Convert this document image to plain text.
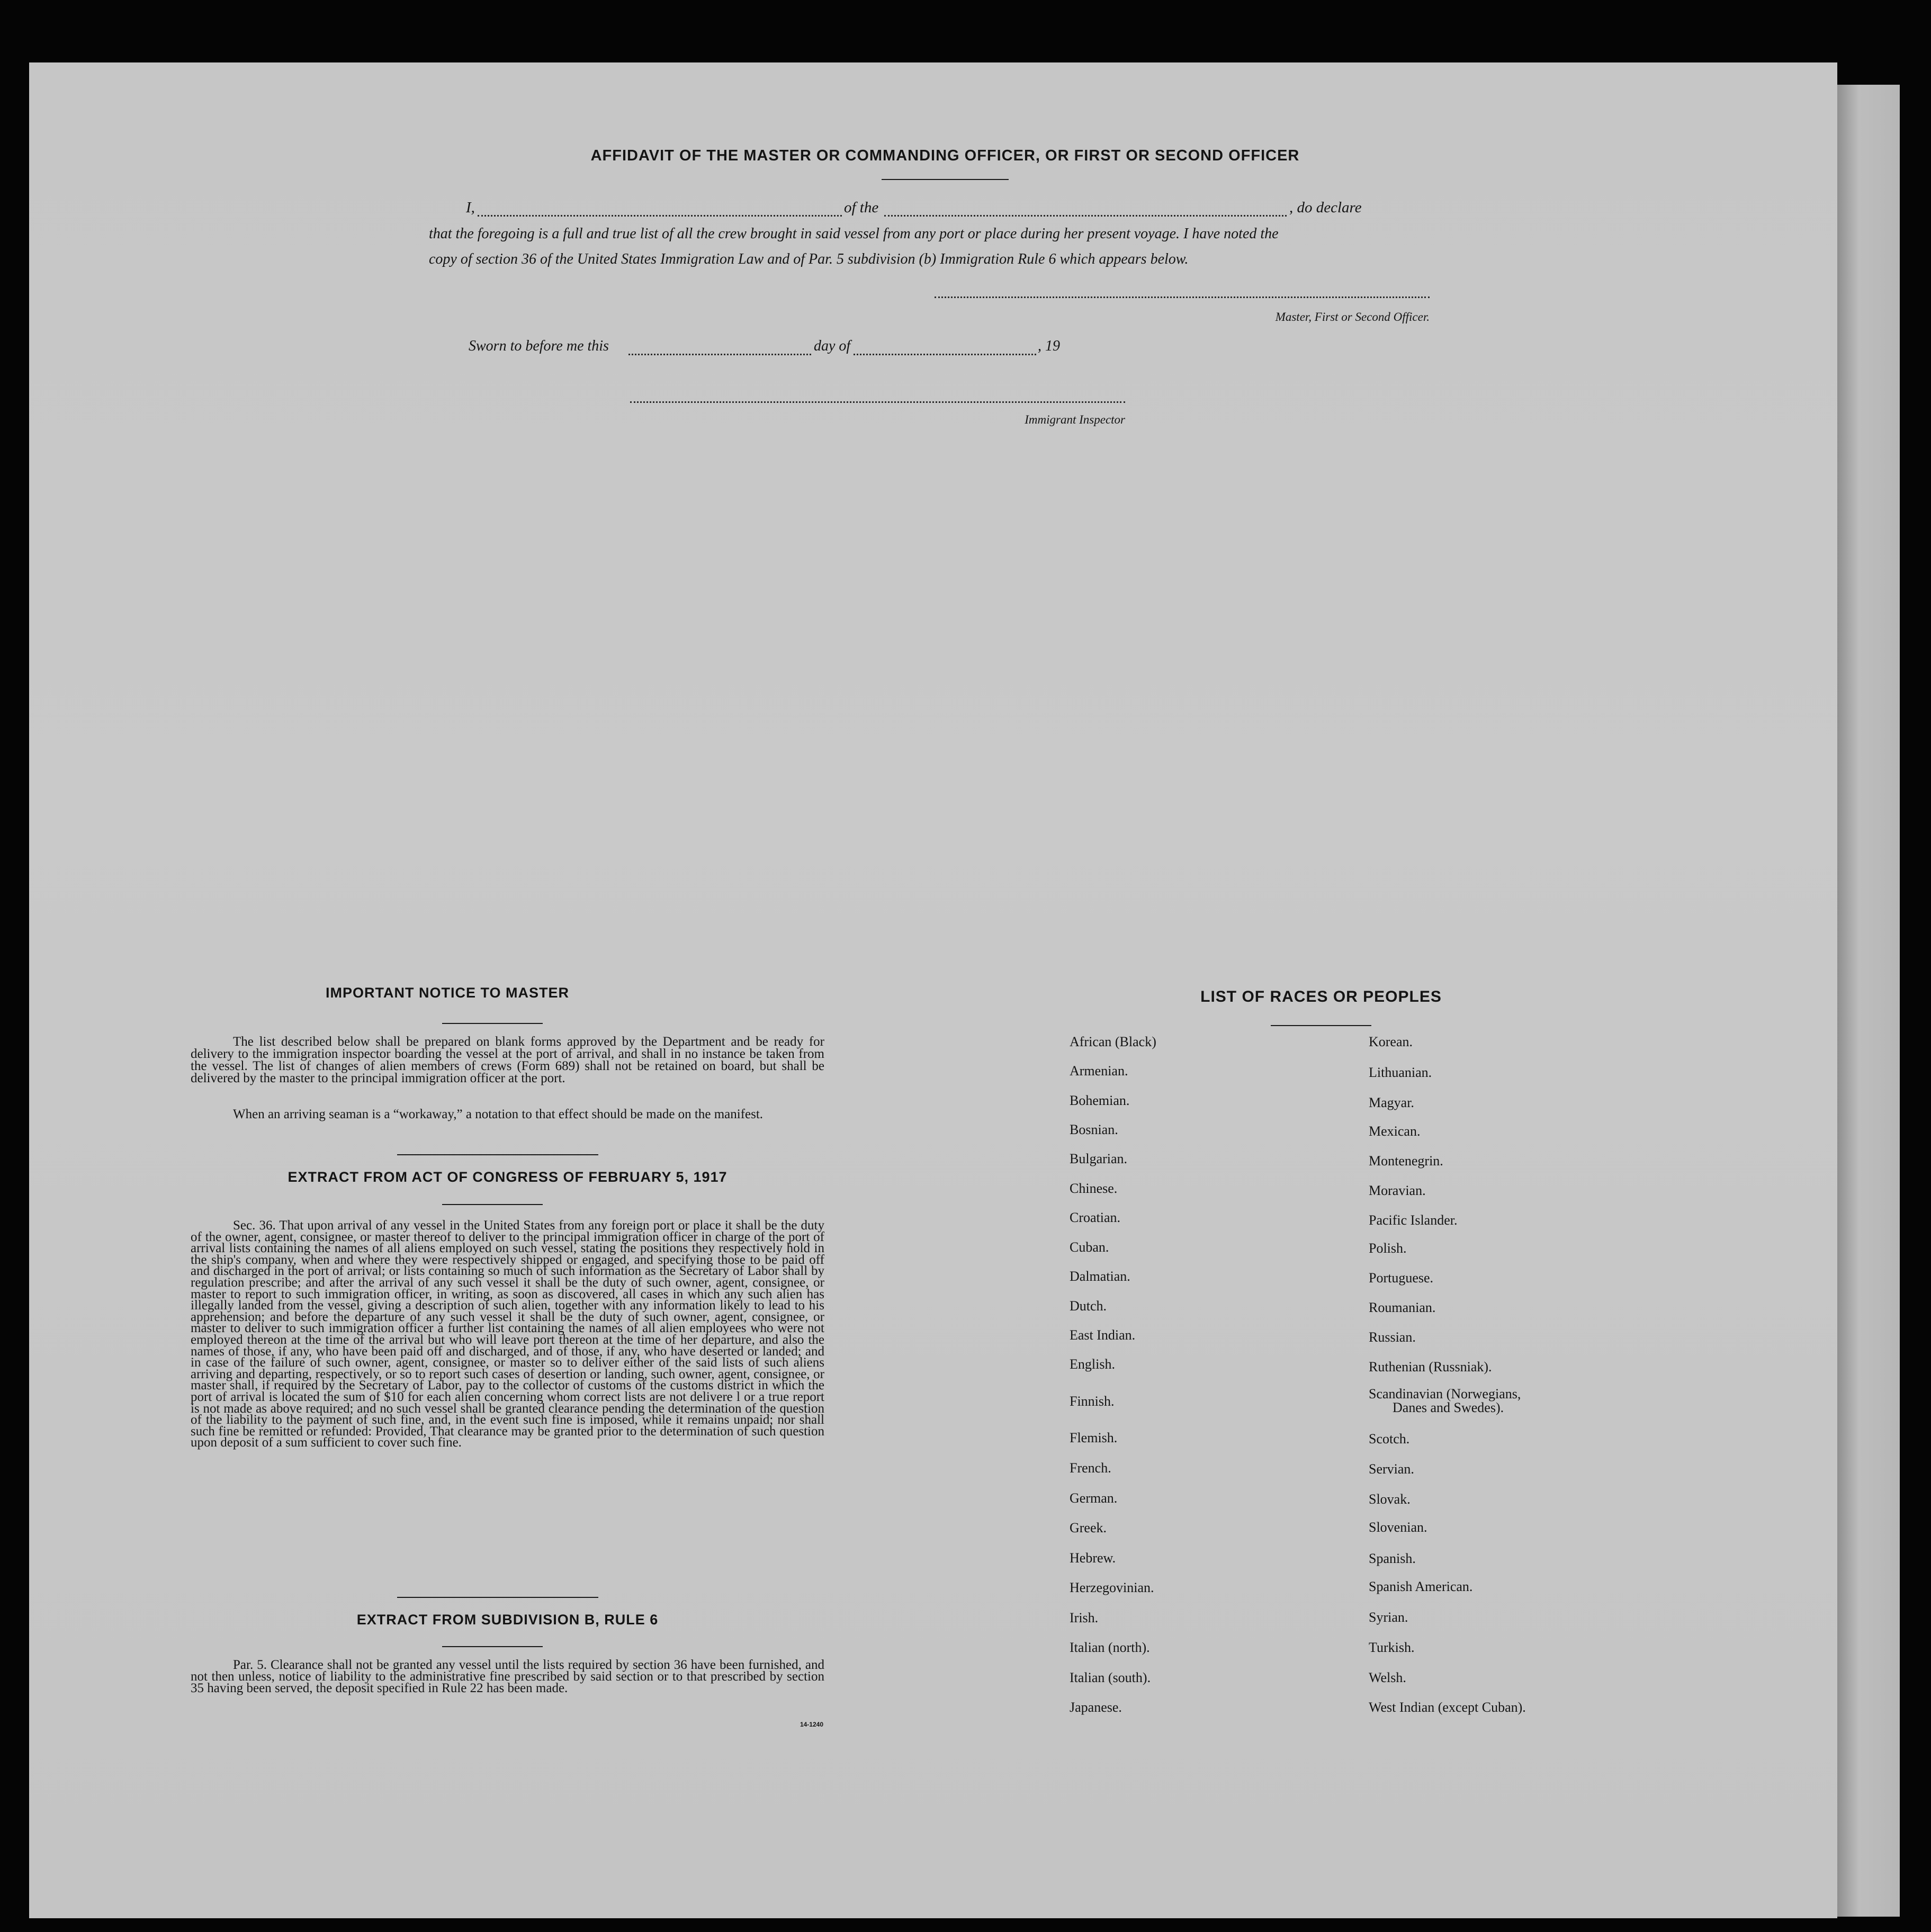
AFFIDAVIT OF THE MASTER OR COMMANDING OFFICER, OR FIRST OR SECOND OFFICER
I,	of the	, do declare
that the foregoing is a full and true list of all the crew brought in said vessel from any port or place during her present voyage. I have noted the
copy of section 36 of the United States Immigration Law and of Par. 5 subdivision (b) Immigration Rule 6 which appears below.
Master, First or Second Officer.
Sworn to before me this	day of	, 19
Immigrant Inspector
IMPORTANT NOTICE TO MASTER
The list described below shall be prepared on blank forms approved by the Department and be ready for delivery to the immigration inspector boarding the vessel at the port of arrival, and shall in no instance be taken from the vessel. The list of changes of alien members of crews (Form 689) shall not be retained on board, but shall be delivered by the master to the principal immigration officer at the port.
When an arriving seaman is a “workaway,” a notation to that effect should be made on the manifest.
EXTRACT FROM ACT OF CONGRESS OF FEBRUARY 5, 1917
Sec. 36. That upon arrival of any vessel in the United States from any foreign port or place it shall be the duty of the owner, agent, consignee, or master thereof to deliver to the principal immigration officer in charge of the port of arrival lists containing the names of all aliens employed on such vessel, stating the positions they respectively hold in the ship's company, when and where they were respectively shipped or engaged, and specifying those to be paid off and discharged in the port of arrival; or lists containing so much of such information as the Secretary of Labor shall by regulation prescribe; and after the arrival of any such vessel it shall be the duty of such owner, agent, consignee, or master to report to such immigration officer, in writing, as soon as discovered, all cases in which any such alien has illegally landed from the vessel, giving a description of such alien, together with any information likely to lead to his apprehension; and before the departure of any such vessel it shall be the duty of such owner, agent, consignee, or master to deliver to such immigration officer a further list containing the names of all alien employees who were not employed thereon at the time of the arrival but who will leave port thereon at the time of her departure, and also the names of those, if any, who have been paid off and discharged, and of those, if any, who have deserted or landed; and in case of the failure of such owner, agent, consignee, or master so to deliver either of the said lists of such aliens arriving and departing, respectively, or so to report such cases of desertion or landing, such owner, agent, consignee, or master shall, if required by the Secretary of Labor, pay to the collector of customs of the customs district in which the port of arrival is located the sum of $10 for each alien concerning whom correct lists are not delivere l or a true report is not made as above required; and no such vessel shall be granted clearance pending the determination of the question of the liability to the payment of such fine, and, in the event such fine is imposed, while it remains unpaid; nor shall such fine be remitted or refunded: Provided, That clearance may be granted prior to the determination of such question upon deposit of a sum sufficient to cover such fine.
EXTRACT FROM SUBDIVISION B, RULE 6
Par. 5. Clearance shall not be granted any vessel until the lists required by section 36 have been furnished, and not then unless, notice of liability to the administrative fine prescribed by said section or to that prescribed by section 35 having been served, the deposit specified in Rule 22 has been made.
14-1240
LIST OF RACES OR PEOPLES
African (Black)
Armenian.
Bohemian.
Bosnian.
Bulgarian.
Chinese.
Croatian.
Cuban.
Dalmatian.
Dutch.
East Indian.
English.
Finnish.
Flemish.
French.
German.
Greek.
Hebrew.
Herzegovinian.
Irish.
Italian (north).
Italian (south).
Japanese.
Korean.
Lithuanian.
Magyar.
Mexican.
Montenegrin.
Moravian.
Pacific Islander.
Polish.
Portuguese.
Roumanian.
Russian.
Ruthenian (Russniak).
Scandinavian (Norwegians,
Danes and Swedes).
Scotch.
Servian.
Slovak.
Slovenian.
Spanish.
Spanish American.
Syrian.
Turkish.
Welsh.
West Indian (except Cuban).
